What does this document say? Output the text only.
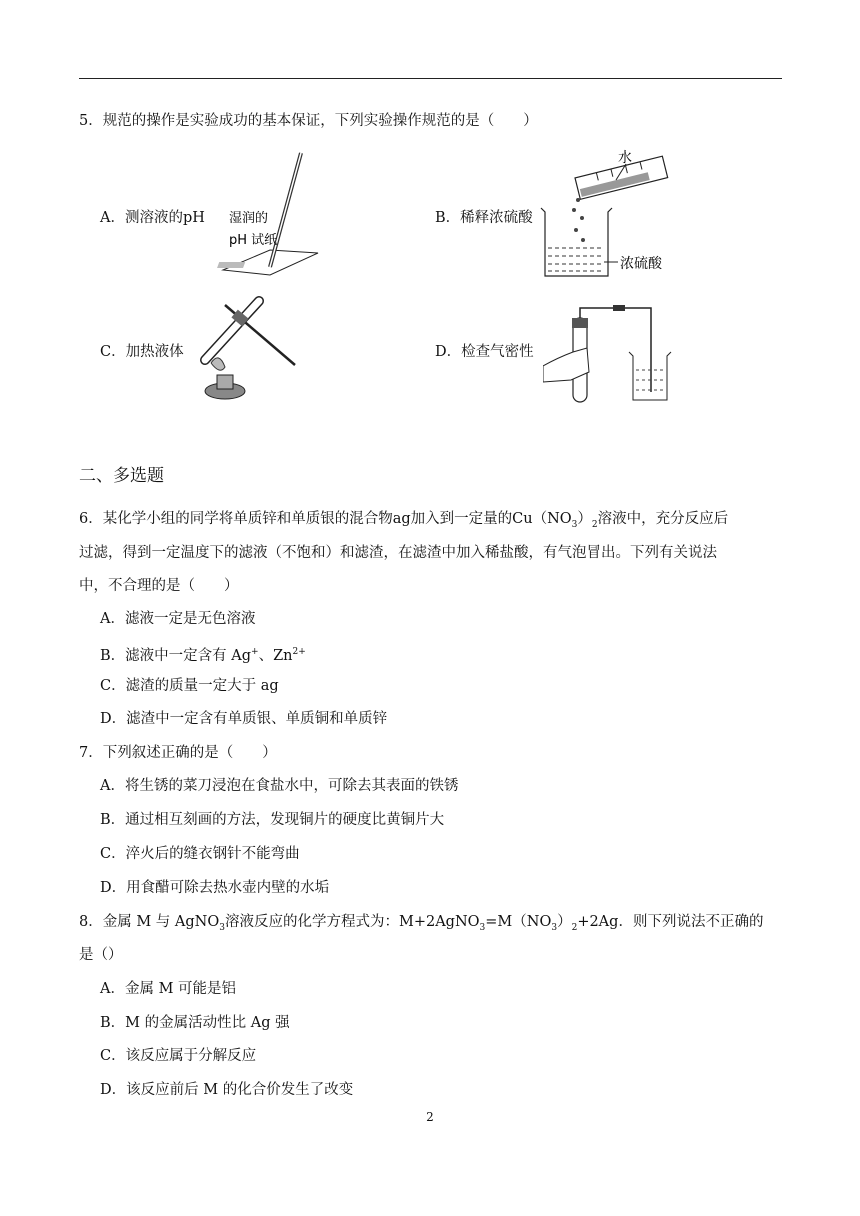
5．规范的操作是实验成功的基本保证，下列实验操作规范的是（　　）
A．测溶液的pH 湿润的
pH 试纸
B．稀释浓硫酸
水
浓硫酸
C．加热液体	D．检查气密性
二、多选题
6．某化学小组的同学将单质锌和单质银的混合物ag加入到一定量的$Cu(NO_3)_2$溶液中，充分反应后
过滤，得到一定温度下的滤液（不饱和）和滤渣，在滤渣中加入稀盐酸，有气泡冒出。下列有关说法
中，不合理的是（　　）
A．滤液一定是无色溶液
B．滤液中一定含有 Ag+、$Zn^{2+}$
C．滤渣的质量一定大于 ag
D．滤渣中一定含有单质银、单质铜和单质锌
7．下列叙述正确的是（　　）
A．将生锈的菜刀浸泡在食盐水中，可除去其表面的铁锈
B．通过相互刻画的方法，发现铜片的硬度比黄铜片大
C．淬火后的缝衣钢针不能弯曲
D．用食醋可除去热水壶内壁的水垢
8．金属 M 与 AgNO$_3$溶液反应的化学方程式为：$M+2AgNO_3=M(NO_3)_2+2Ag$．则下列说法不正确的
是（）
A．金属 M 可能是铝
B．M 的金属活动性比 Ag 强
C．该反应属于分解反应
D．该反应前后 M 的化合价发生了改变
2
